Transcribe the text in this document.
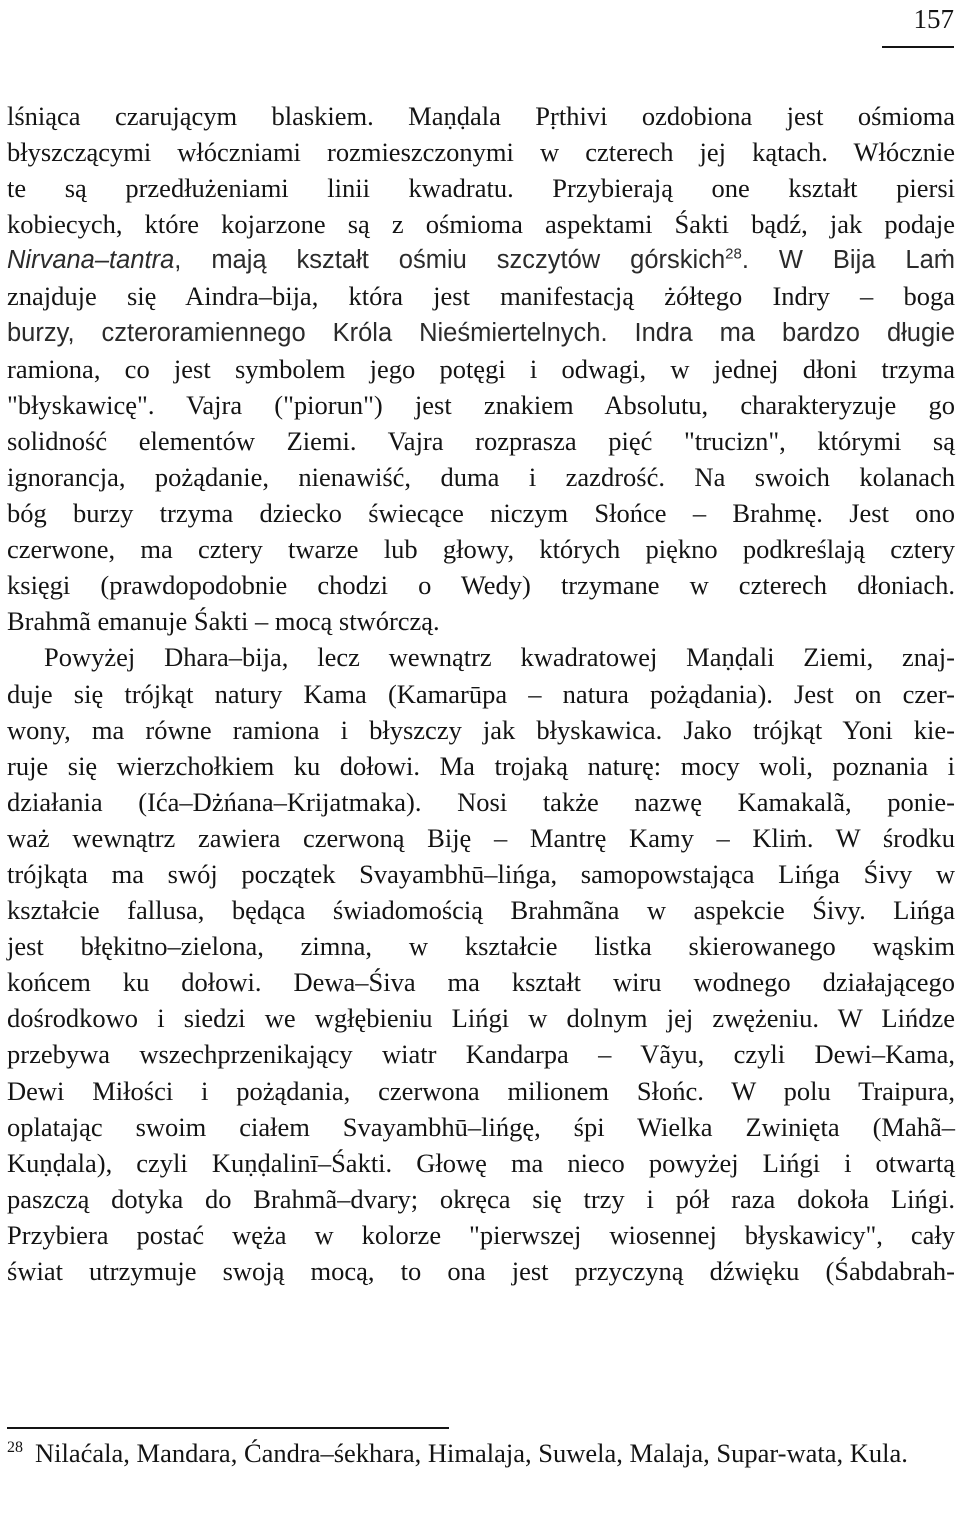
157
lśniąca czarującym blaskiem. Maṇḍala Pṛthivi ozdobiona jest ośmioma
błyszczącymi włóczniami rozmieszczonymi w czterech jej kątach. Włócznie
te są przedłużeniami linii kwadratu. Przybierają one kształt piersi
kobiecych, które kojarzone są z ośmioma aspektami Śakti bądź, jak podaje
Nirvana–tantra, mają kształt ośmiu szczytów górskich$^{28}$. W Bija Laṁ
znajduje się Aindra–bija, która jest manifestacją żółtego Indry – boga
burzy, czteroramiennego Króla Nieśmiertelnych. Indra ma bardzo długie
ramiona, co jest symbolem jego potęgi i odwagi, w jednej dłoni trzyma
"błyskawicę". Vajra ("piorun") jest znakiem Absolutu, charakteryzuje go
solidność elementów Ziemi. Vajra rozprasza pięć "trucizn", którymi są
ignorancja, pożądanie, nienawiść, duma i zazdrość. Na swoich kolanach
bóg burzy trzyma dziecko świecące niczym Słońce – Brahmę. Jest ono
czerwone, ma cztery twarze lub głowy, których piękno podkreślają cztery
księgi (prawdopodobnie chodzi o Wedy) trzymane w czterech dłoniach.
Brahmã emanuje Śakti – mocą stwórczą.
Powyżej Dhara–bija, lecz wewnątrz kwadratowej Maṇḍali Ziemi, znaj-
duje się trójkąt natury Kama (Kamarūpa – natura pożądania). Jest on czer-
wony, ma równe ramiona i błyszczy jak błyskawica. Jako trójkąt Yoni kie-
ruje się wierzchołkiem ku dołowi. Ma trojaką naturę: mocy woli, poznania i
działania (Ića–Dżńana–Krijatmaka). Nosi także nazwę Kamakalã, ponie-
waż wewnątrz zawiera czerwoną Biję – Mantrę Kamy – Kliṁ. W środku
trójkąta ma swój początek Svayambhū–lińga, samopowstająca Lińga Śivy w
kształcie fallusa, będąca świadomością Brahmãna w aspekcie Śivy. Lińga
jest błękitno–zielona, zimna, w kształcie listka skierowanego wąskim
końcem ku dołowi. Dewa–Śiva ma kształt wiru wodnego działającego
dośrodkowo i siedzi we wgłębieniu Lińgi w dolnym jej zwężeniu. W Lińdze
przebywa wszechprzenikający wiatr Kandarpa – Vãyu, czyli Dewi–Kama,
Dewi Miłości i pożądania, czerwona milionem Słońc. W polu Traipura,
oplatając swoim ciałem Svayambhū–lińgę, śpi Wielka Zwinięta (Mahã–
Kuṇḍala), czyli Kuṇḍalinī–Śakti. Głowę ma nieco powyżej Lińgi i otwartą
paszczą dotyka do Brahmã–dvary; okręca się trzy i pół raza dokoła Lińgi.
Przybiera postać węża w kolorze "pierwszej wiosennej błyskawicy", cały
świat utrzymuje swoją mocą, to ona jest przyczyną dźwięku (Śabdabrah-
$^{28}$ Nilaćala, Mandara, Ćandra–śekhara, Himalaja, Suwela, Malaja, Supar-wata, Kula.
